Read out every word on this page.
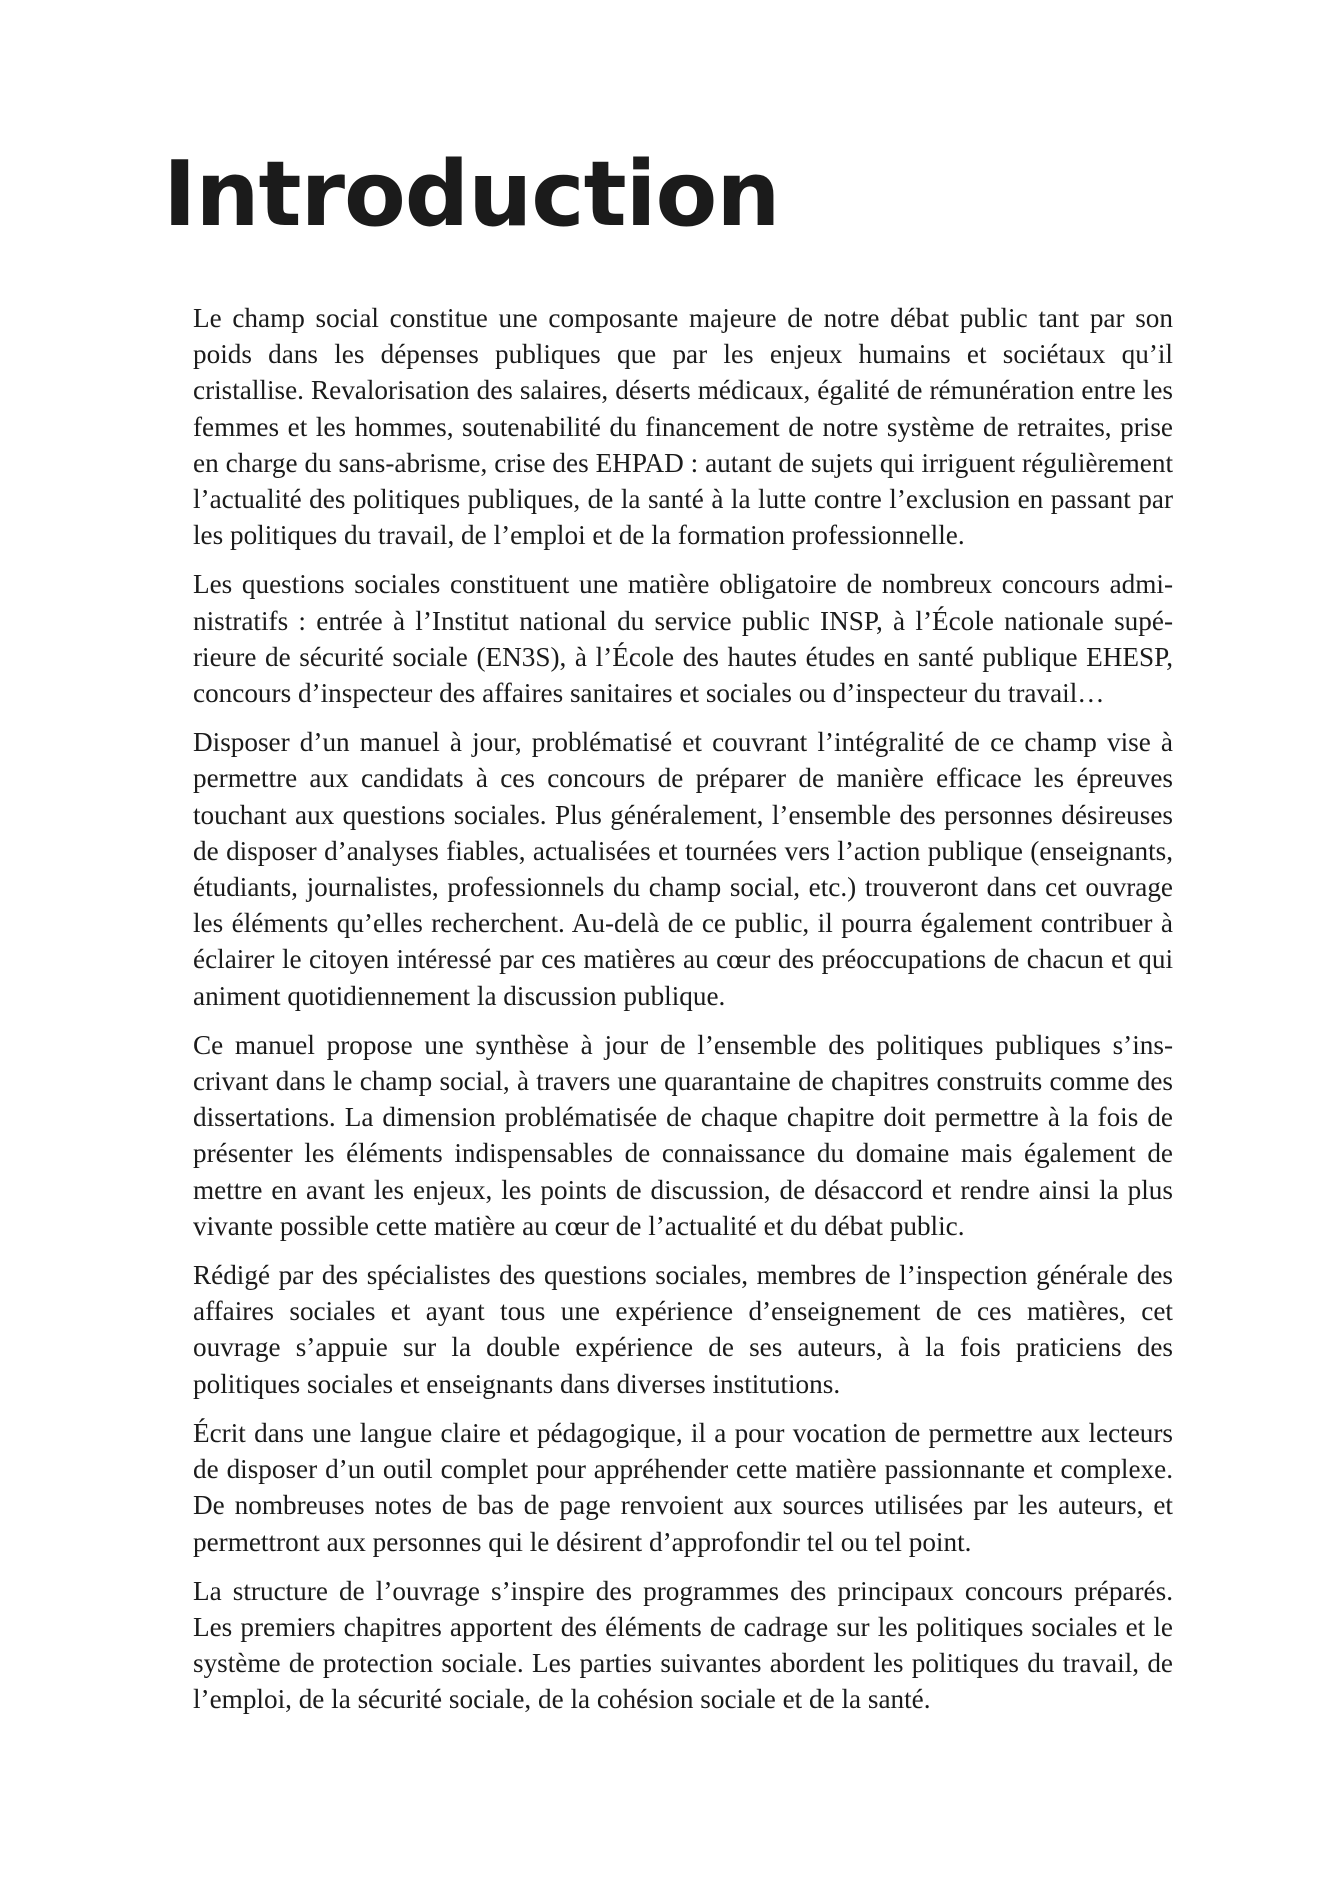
Introduction

Le champ social constitue une composante majeure de notre débat public tant par son poids dans les dépenses publiques que par les enjeux humains et sociétaux qu’il cristallise. Revalorisation des salaires, déserts médicaux, égalité de rémunération entre les femmes et les hommes, soutenabilité du financement de notre système de retraites, prise en charge du sans-abrisme, crise des EHPAD : autant de sujets qui irriguent régulièrement l’actualité des politiques publiques, de la santé à la lutte contre l’exclusion en passant par les politiques du travail, de l’emploi et de la formation professionnelle.

Les questions sociales constituent une matière obligatoire de nombreux concours administratifs : entrée à l’Institut national du service public INSP, à l’École nationale supérieure de sécurité sociale (EN3S), à l’École des hautes études en santé publique EHESP, concours d’inspecteur des affaires sanitaires et sociales ou d’inspecteur du travail…

Disposer d’un manuel à jour, problématisé et couvrant l’intégralité de ce champ vise à permettre aux candidats à ces concours de préparer de manière efficace les épreuves touchant aux questions sociales. Plus généralement, l’ensemble des personnes désireuses de disposer d’analyses fiables, actualisées et tournées vers l’action publique (enseignants, étudiants, journalistes, professionnels du champ social, etc.) trouveront dans cet ouvrage les éléments qu’elles recherchent. Au-delà de ce public, il pourra également contribuer à éclairer le citoyen intéressé par ces matières au cœur des préoccupations de chacun et qui animent quotidiennement la discussion publique.

Ce manuel propose une synthèse à jour de l’ensemble des politiques publiques s’inscrivant dans le champ social, à travers une quarantaine de chapitres construits comme des dissertations. La dimension problématisée de chaque chapitre doit permettre à la fois de présenter les éléments indispensables de connaissance du domaine mais également de mettre en avant les enjeux, les points de discussion, de désaccord et rendre ainsi la plus vivante possible cette matière au cœur de l’actualité et du débat public.

Rédigé par des spécialistes des questions sociales, membres de l’inspection générale des affaires sociales et ayant tous une expérience d’enseignement de ces matières, cet ouvrage s’appuie sur la double expérience de ses auteurs, à la fois praticiens des politiques sociales et enseignants dans diverses institutions.

Écrit dans une langue claire et pédagogique, il a pour vocation de permettre aux lecteurs de disposer d’un outil complet pour appréhender cette matière passionnante et complexe. De nombreuses notes de bas de page renvoient aux sources utilisées par les auteurs, et permettront aux personnes qui le désirent d’approfondir tel ou tel point.

La structure de l’ouvrage s’inspire des programmes des principaux concours préparés. Les premiers chapitres apportent des éléments de cadrage sur les politiques sociales et le système de protection sociale. Les parties suivantes abordent les politiques du travail, de l’emploi, de la sécurité sociale, de la cohésion sociale et de la santé.
